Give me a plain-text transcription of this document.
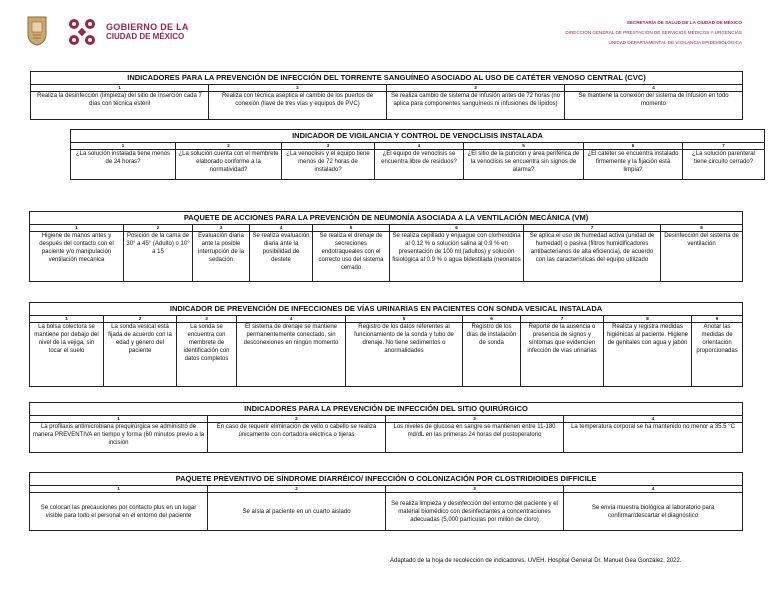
GOBIERNO DE LA
CIUDAD DE MÉXICO
SECRETARÍA DE SALUD DE LA CIUDAD DE MÉXICO
DIRECCIÓN GENERAL DE PRESTACIÓN DE SERVICIOS MÉDICOS Y URGENCIAS
UNIDAD DEPARTAMENTAL DE VIGILANCIA EPIDEMIOLÓGICA
INDICADORES PARA LA PREVENCIÓN DE INFECCIÓN DEL TORRENTE SANGUÍNEO ASOCIADO AL USO DE CATÉTER VENOSO CENTRAL (CVC)			
1	2	3	4
Realiza la desinfección (limpieza) del sitio de inserción cada 7 días con técnica estéril	Realiza con técnica aséptica el cambio de los puertos de conexión (llave de tres vías y equipos de PVC)	Se realiza cambio de sistema de infusión antes de 72 horas (no aplica para componentes sanguíneos ni infusiones de lípidos)	Se mantiene la conexión del sistema de infusión en todo momento
INDICADOR DE VIGILANCIA Y CONTROL DE VENOCLISIS INSTALADA						
1	2	3	4	5	6	7
¿La solución instalada tiene menos de 24 horas?	¿La solución cuenta con el membrete elaborado conforme a la normatividad?	¿La venoclisis y el equipo tiene menos de 72 horas de instalado?	¿El equipo de venoclisis se encuentra libre de residuos?	¿El sitio de la punción y área periférica de la venoclisis se encuentra sin signos de alarma?	¿El catéter se encuentra instalado firmemente y la fijación está limpia?	¿La solución parenteral tiene circuito cerrado?
PAQUETE DE ACCIONES PARA LA PREVENCIÓN DE NEUMONÍA ASOCIADA A LA VENTILACIÓN MECÁNICA (VM)							
1	2	3	4	5	6	7	8
Higiene de manos antes y después del contacto con el paciente y/o manipulación ventilación mecánica	Posición de la cama de 30° a 45° (Adulto) o 10° a 15	Evaluación diaria ante la posible interrupción de la sedación	Se realiza evaluación diaria ante la posibilidad de destete	Se realiza el drenaje de secreciones endotraqueales con el correcto uso del sistema cerrado	Se realiza cepillado y enjuague con clorhexidina al 0.12 % o solución salina al 0.9 % en presentación de 100 ml (adultos) y solución fisiológica al 0.9 % o agua bidestilada (neonatos	Se aplica el uso de humedad activa (unidad de humedad) o pasiva (filtros humidificadores antibacterianos de alta eficiencia), de acuerdo con las características del equipo utilizado	Desinfección del sistema de ventilación
INDICADOR DE PREVENCIÓN DE INFECCIONES DE VÍAS URINARIAS EN PACIENTES CON SONDA VESICAL INSTALADA								
1	2	3	4	5	6	7	8	9
La bolsa colectora se mantiene por debajo del nivel de la vejiga, sin tocar el suelo	La sonda vesical está fijada de acuerdo con la edad y género del paciente	La sonda se encuentra con membrete de identificación con datos completos	El sistema de drenaje se mantiene permanentemente conectado, sin desconexiones en ningún momento	Registro de los datos referentes al funcionamiento de la sonda y tubo de drenaje. No tiene sedimentos o anormalidades	Registro de los días de instalación de sonda	Reporte de la ausencia o presencia de signos y síntomas que evidencien infección de vías urinarias	Realiza y registra medidas higiénicas al paciente. Higiene de genitales con agua y jabón	Anotar las medidas de orientación proporcionadas
INDICADORES PARA LA PREVENCIÓN DE INFECCIÓN DEL SITIO QUIRÚRGICO			
1	2	3	4
La profilaxis antimicrobiana prequirúrgica se administró de manera PREVENTIVA en tiempo y forma (60 minutos previo a la incisión	En caso de requerir eliminación de vello o cabello se realiza únicamente con cortadora eléctrica o tijeras	Los niveles de glucosa en sangre se mantienen entre 11-180 md/dL en las primeras 24 horas del postoperatorio	La temperatura corporal se ha mantenido no menor a 35.5 °C
PAQUETE PREVENTIVO DE SÍNDROME DIARRÉICO/ INFECCIÓN O COLONIZACIÓN POR CLOSTRIDIOIDES DIFFICILE			
1	2	3	4
Se colocan las precauciones por contacto plus en un lugar visible para todo el personal en el entorno del paciente	Se aísla al paciente en un cuarto aislado	Se realiza limpieza y desinfección del entorno del paciente y el material biomédico con desinfectantes a concentraciones adecuadas (5,000 partículas por millón de cloro)	Se envía muestra biológica al laboratorio para confirmar/descartar el diagnóstico
Adaptado de la hoja de recolección de indicadores. UVEH. Hospital General Dr. Manuel Gea González, 2022.
